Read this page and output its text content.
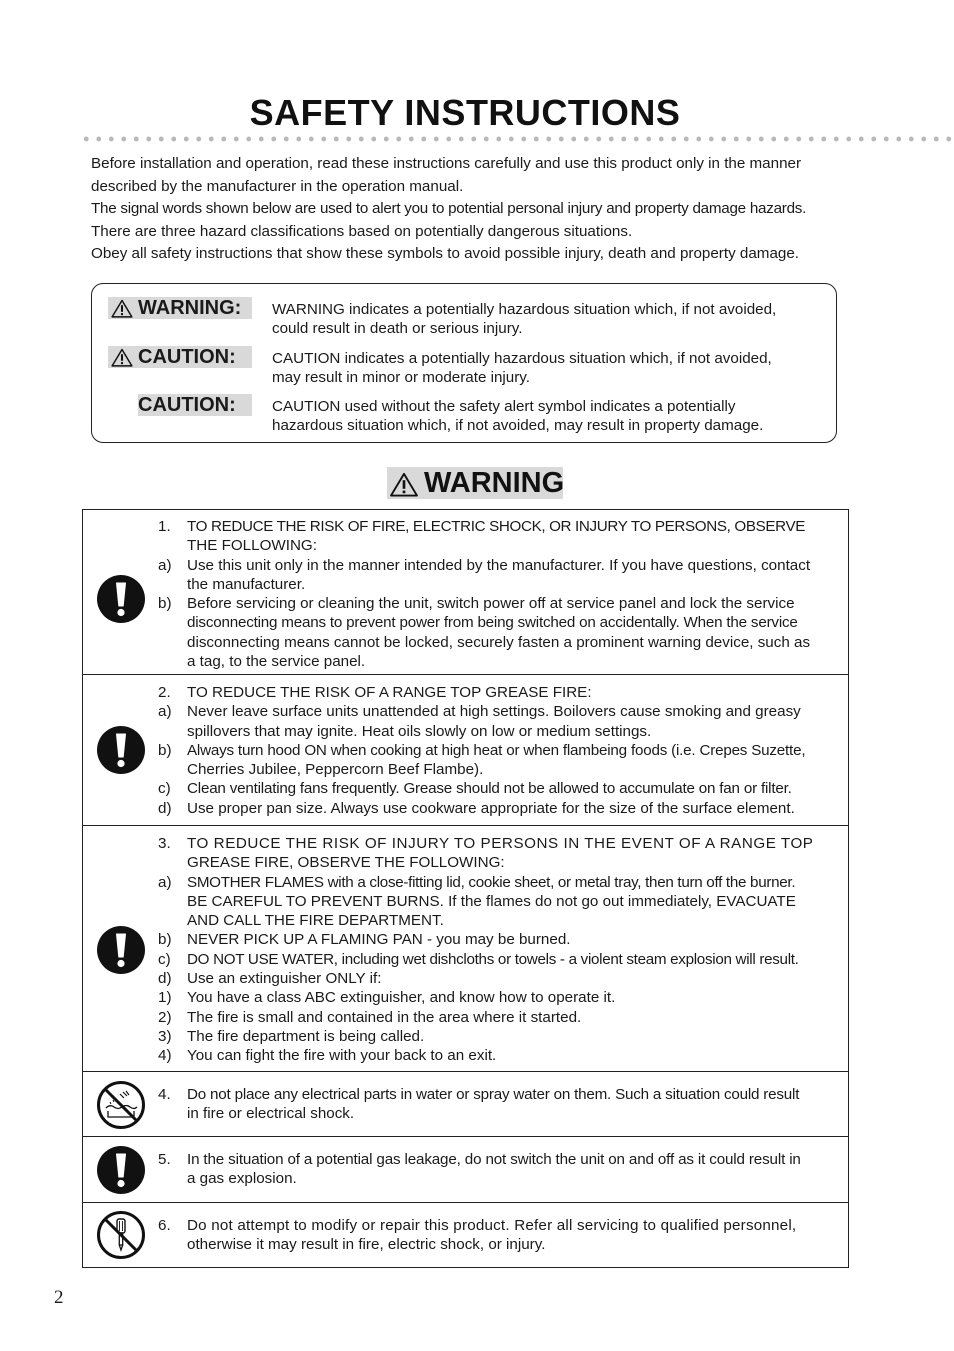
SAFETY INSTRUCTIONS

Before installation and operation, read these instructions carefully and use this product only in the manner

described by the manufacturer in the operation manual.

The signal words shown below are used to alert you to potential personal injury and property damage hazards.

There are three hazard classifications based on potentially dangerous situations.

Obey all safety instructions that show these symbols to avoid possible injury, death and property damage.

WARNING: WARNING indicates a potentially hazardous situation which, if not avoided,
could result in death or serious injury.
CAUTION: CAUTION indicates a potentially hazardous situation which, if not avoided,
may result in minor or moderate injury.
CAUTION: CAUTION used without the safety alert symbol indicates a potentially
hazardous situation which, if not avoided, may result in property damage.
WARNING
1. TO REDUCE THE RISK OF FIRE, ELECTRIC SHOCK, OR INJURY TO PERSONS, OBSERVE
THE FOLLOWING:
a) Use this unit only in the manner intended by the manufacturer. If you have questions, contact
the manufacturer.
b) Before servicing or cleaning the unit, switch power off at service panel and lock the service
disconnecting means to prevent power from being switched on accidentally. When the service
disconnecting means cannot be locked, securely fasten a prominent warning device, such as
a tag, to the service panel.
2. TO REDUCE THE RISK OF A RANGE TOP GREASE FIRE:
a) Never leave surface units unattended at high settings. Boilovers cause smoking and greasy
spillovers that may ignite. Heat oils slowly on low or medium settings.
b) Always turn hood ON when cooking at high heat or when flambeing foods (i.e. Crepes Suzette,
Cherries Jubilee, Peppercorn Beef Flambe).
c) Clean ventilating fans frequently. Grease should not be allowed to accumulate on fan or filter.
d) Use proper pan size. Always use cookware appropriate for the size of the surface element.
3. TO REDUCE THE RISK OF INJURY TO PERSONS IN THE EVENT OF A RANGE TOP
GREASE FIRE, OBSERVE THE FOLLOWING:
a) SMOTHER FLAMES with a close-fitting lid, cookie sheet, or metal tray, then turn off the burner.
BE CAREFUL TO PREVENT BURNS. If the flames do not go out immediately, EVACUATE
AND CALL THE FIRE DEPARTMENT.
b) NEVER PICK UP A FLAMING PAN - you may be burned.
c) DO NOT USE WATER, including wet dishcloths or towels - a violent steam explosion will result.
d) Use an extinguisher ONLY if:
1) You have a class ABC extinguisher, and know how to operate it.
2) The fire is small and contained in the area where it started.
3) The fire department is being called.
4) You can fight the fire with your back to an exit.
4. Do not place any electrical parts in water or spray water on them. Such a situation could result
in fire or electrical shock.
5. In the situation of a potential gas leakage, do not switch the unit on and off as it could result in
a gas explosion.
6. Do not attempt to modify or repair this product. Refer all servicing to qualified personnel,
otherwise it may result in fire, electric shock, or injury.
2
